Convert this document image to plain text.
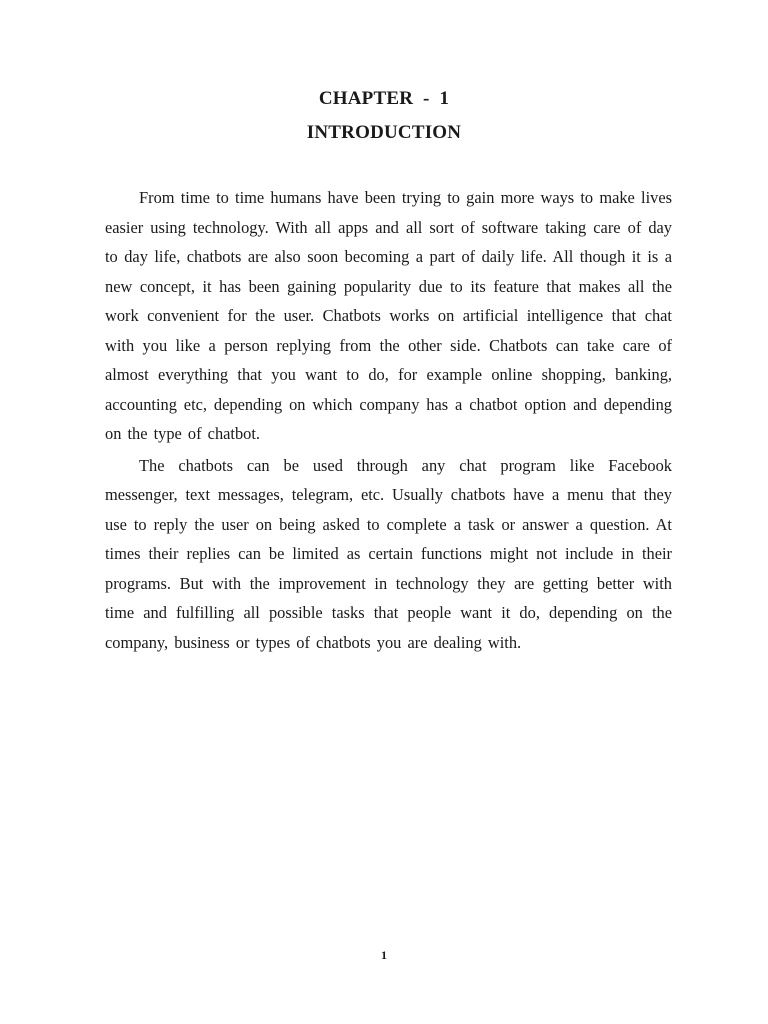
CHAPTER  -  1
INTRODUCTION

From time to time humans have been trying to gain more ways to make lives easier using technology. With all apps and all sort of software taking care of day to day life, chatbots are also soon becoming a part of daily life. All though it is a new concept, it has been gaining popularity due to its feature that makes all the work convenient for the user. Chatbots works on artificial intelligence that chat with you like a person replying from the other side. Chatbots can take care of almost everything that you want to do, for example online shopping, banking, accounting etc, depending on which company has a chatbot option and depending on the type of chatbot.

The chatbots can be used through any chat program like Facebook messenger, text messages, telegram, etc. Usually chatbots have a menu that they use to reply the user on being asked to complete a task or answer a question. At times their replies can be limited as certain functions might not include in their programs. But with the improvement in technology they are getting better with time and fulfilling all possible tasks that people want it do, depending on the company, business or types of chatbots you are dealing with.

1
